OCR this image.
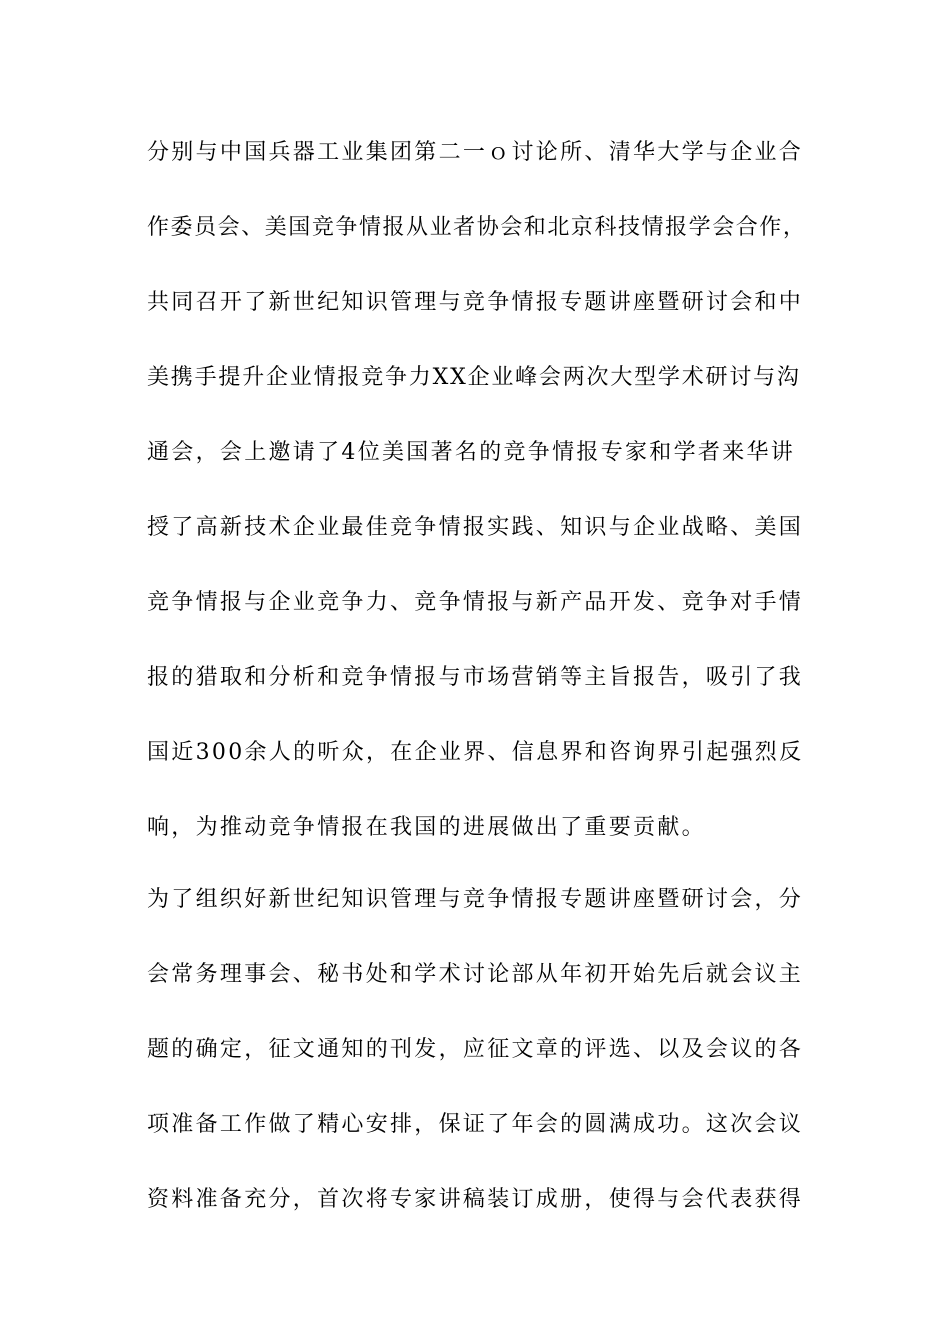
分别与中国兵器工业集团第二一ｏ讨论所、清华大学与企业合
作委员会、美国竞争情报从业者协会和北京科技情报学会合作，
共同召开了新世纪知识管理与竞争情报专题讲座暨研讨会和中
美携手提升企业情报竞争力XX企业峰会两次大型学术研讨与沟
通会，会上邀请了4位美国著名的竞争情报专家和学者来华讲
授了高新技术企业最佳竞争情报实践、知识与企业战略、美国
竞争情报与企业竞争力、竞争情报与新产品开发、竞争对手情
报的猎取和分析和竞争情报与市场营销等主旨报告，吸引了我
国近300余人的听众，在企业界、信息界和咨询界引起强烈反
响，为推动竞争情报在我国的进展做出了重要贡献。
为了组织好新世纪知识管理与竞争情报专题讲座暨研讨会，分
会常务理事会、秘书处和学术讨论部从年初开始先后就会议主
题的确定，征文通知的刊发，应征文章的评选、以及会议的各
项准备工作做了精心安排，保证了年会的圆满成功。这次会议
资料准备充分，首次将专家讲稿装订成册，使得与会代表获得
